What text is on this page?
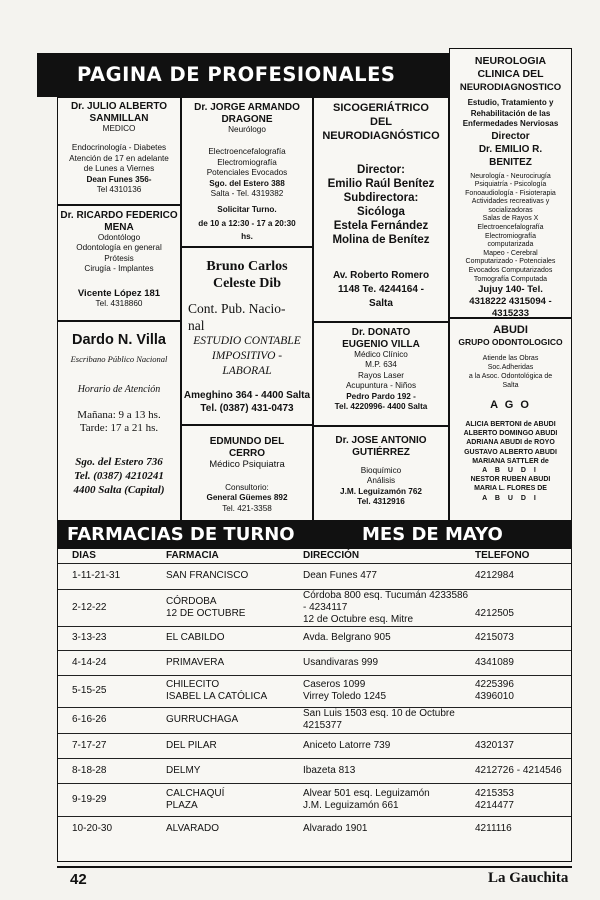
PAGINA DE PROFESIONALES
Dr. JULIO ALBERTO
SANMILLAN
MEDICO
Endocrinología - Diabetes
Atención de 17 en adelante
de Lunes a Viernes
Dean Funes 356-
Tel 4310136
Dr. RICARDO FEDERICO
MENA
Odontólogo
Odontología en general
Prótesis
Cirugía - Implantes
Vicente López 181
Tel. 4318860
Dardo N. Villa
Escribano Público Nacional
Horario de Atención
Mañana: 9 a 13 hs.
Tarde: 17 a 21 hs.
Sgo. del Estero 736
Tel. (0387) 4210241
4400 Salta (Capital)
Dr. JORGE ARMANDO
DRAGONE
Neurólogo
Electroencefalografía
Electromiografía
Potenciales Evocados
Sgo. del Estero 388
Salta - Tel. 4319382
Solicitar Turno.
de 10 a 12:30 - 17 a 20:30
hs.
Bruno Carlos
Celeste Dib
Cont. Pub. Nacio-
nal
ESTUDIO CONTABLE
IMPOSITIVO -
LABORAL
Ameghino 364 - 4400 Salta
Tel. (0387) 431-0473
EDMUNDO DEL
CERRO
Médico Psiquiatra
Consultorio:
General Güemes 892
Tel. 421-3358
SICOGERIÁTRICO
DEL
NEURODIAGNÓSTICO
Director:
Emilio Raúl Benítez
Subdirectora:
Sicóloga
Estela Fernández
Molina de Benítez
Av. Roberto Romero
1148 Te. 4244164 -
Salta
Dr. DONATO
EUGENIO VILLA
Médico Clínico
M.P. 634
Rayos Laser
Acupuntura - Niños
Pedro Pardo 192 -
Tel. 4220996- 4400 Salta
Dr. JOSE ANTONIO
GUTIÉRREZ
Bioquímico
Análisis
J.M. Leguizamón 762
Tel. 4312916
NEUROLOGIA
CLINICA DEL
NEURODIAGNOSTICO
Estudio, Tratamiento y
Rehabilitación de las
Enfermedades Nerviosas
Director
Dr. EMILIO R.
BENITEZ
Neurología - Neurocirugía
Psiquiatría - Psicología
Fonoaudiología - Fisioterapia
Actividades recreativas y
socializadoras
Salas de Rayos X
Electroencefalografía
Electromiografía
computarizada
Mapeo - Cerebral
Computarizado - Potenciales
Evocados Computarizados
Tomografía Computada
Jujuy 140- Tel.
4318222 4315094 -
4315233
ABUDI
GRUPO ODONTOLOGICO
Atiende las Obras
Soc.Adheridas
a la Asoc. Odontológica de
Salta
A G O
ALICIA BERTONI de ABUDI
ALBERTO DOMINGO ABUDI
ADRIANA ABUDI de ROYO
GUSTAVO ALBERTO ABUDI
MARIANA SATTLER de
A B U D I
NESTOR RUBEN ABUDI
MARIA L. FLORES DE
A B U D I
FARMACIAS DE TURNO	MES DE MAYO
DIAS	FARMACIA	DIRECCIÓN	TELEFONO
1-11-21-31	SAN FRANCISCO	Dean Funes 477	4212984

2-12-22	CÓRDOBA
12 DE OCTUBRE	Córdoba 800 esq. Tucumán 4233586 - 4234117
12 de Octubre esq. Mitre	4212505

3-13-23	EL CABILDO	Avda. Belgrano 905	4215073

4-14-24	PRIMAVERA	Usandivaras 999	4341089

5-15-25	CHILECITO
ISABEL LA CATÓLICA	Caseros 1099
Virrey Toledo 1245	4225396
4396010

6-16-26	GURRUCHAGA	San Luis 1503 esq. 10 de Octubre 4215377	

7-17-27	DEL PILAR	Aniceto Latorre 739	4320137

8-18-28	DELMY	Ibazeta 813	4212726 - 4214546

9-19-29	CALCHAQUÍ
PLAZA	Alvear 501 esq. Leguizamón
J.M. Leguizamón 661	4215353
4214477

10-20-30	ALVARADO	Alvarado 1901	4211116
42	La Gauchita
